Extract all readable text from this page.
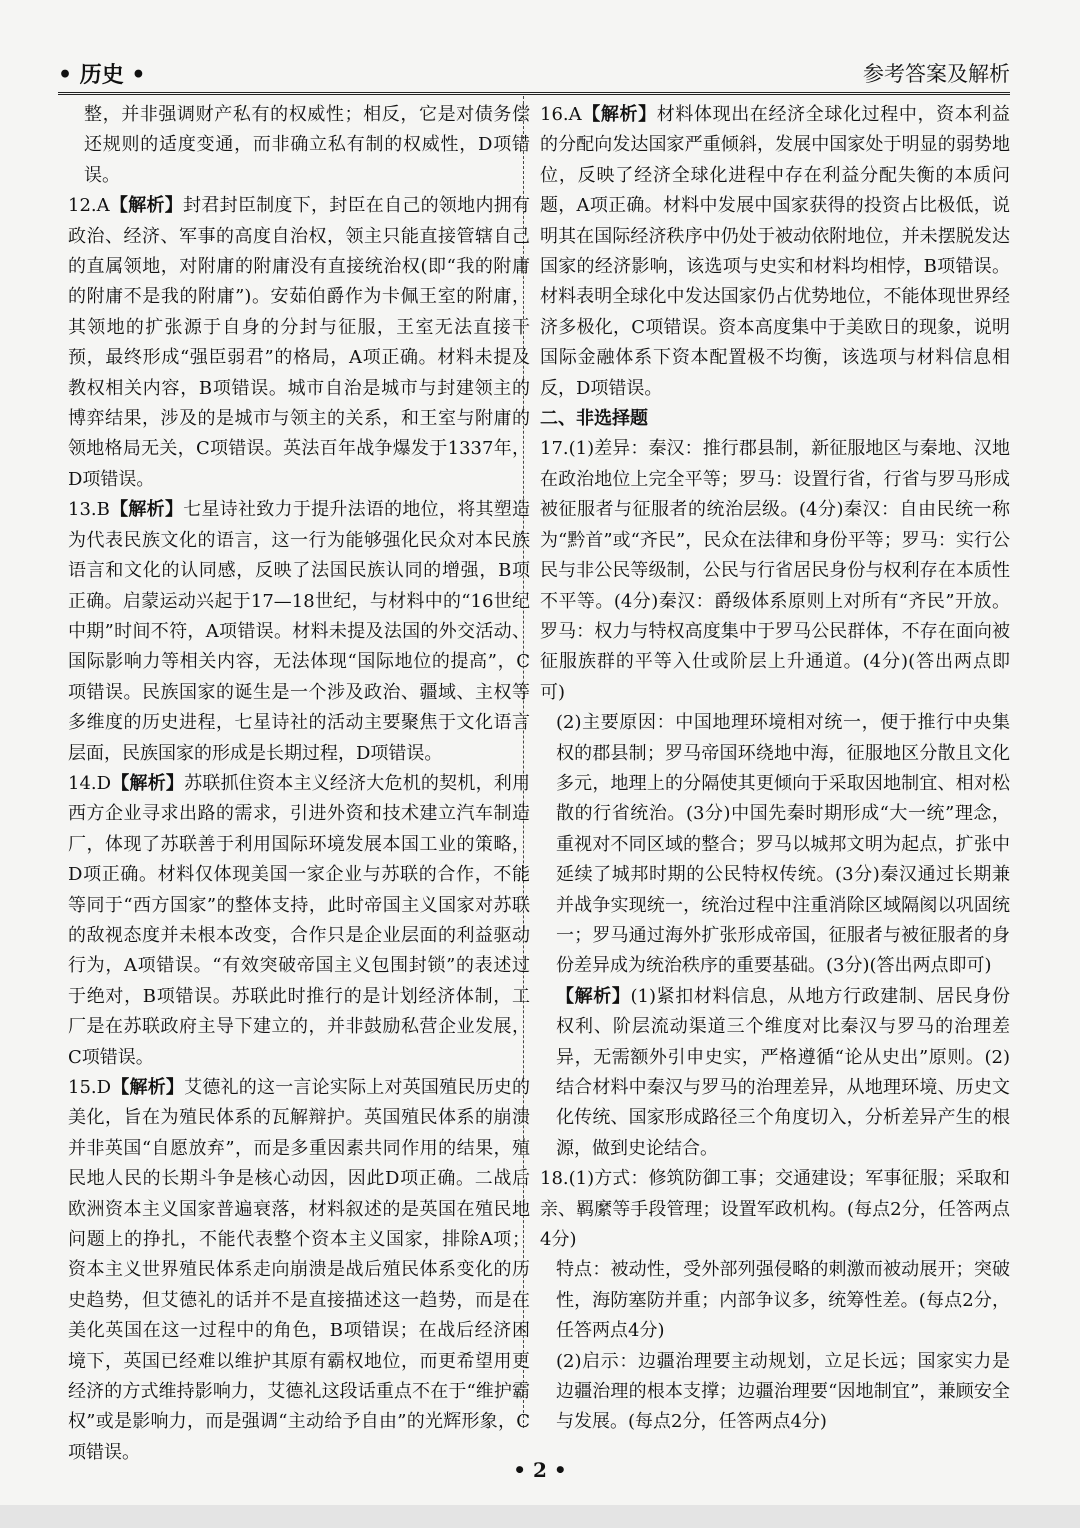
• 历史 •	参考答案及解析

整，并非强调财产私有的权威性；相反，它是对债务偿还规则的适度变通，而非确立私有制的权威性，D项错误。

12.A【解析】封君封臣制度下，封臣在自己的领地内拥有政治、经济、军事的高度自治权，领主只能直接管辖自己的直属领地，对附庸的附庸没有直接统治权(即“我的附庸的附庸不是我的附庸”)。安茹伯爵作为卡佩王室的附庸，其领地的扩张源于自身的分封与征服，王室无法直接干预，最终形成“强臣弱君”的格局，A项正确。材料未提及教权相关内容，B项错误。城市自治是城市与封建领主的博弈结果，涉及的是城市与领主的关系，和王室与附庸的领地格局无关，C项错误。英法百年战争爆发于1337年，D项错误。

13.B【解析】七星诗社致力于提升法语的地位，将其塑造为代表民族文化的语言，这一行为能够强化民众对本民族语言和文化的认同感，反映了法国民族认同的增强，B项正确。启蒙运动兴起于17—18世纪，与材料中的“16世纪中期”时间不符，A项错误。材料未提及法国的外交活动、国际影响力等相关内容，无法体现“国际地位的提高”，C项错误。民族国家的诞生是一个涉及政治、疆域、主权等多维度的历史进程，七星诗社的活动主要聚焦于文化语言层面，民族国家的形成是长期过程，D项错误。

14.D【解析】苏联抓住资本主义经济大危机的契机，利用西方企业寻求出路的需求，引进外资和技术建立汽车制造厂，体现了苏联善于利用国际环境发展本国工业的策略，D项正确。材料仅体现美国一家企业与苏联的合作，不能等同于“西方国家”的整体支持，此时帝国主义国家对苏联的敌视态度并未根本改变，合作只是企业层面的利益驱动行为，A项错误。“有效突破帝国主义包围封锁”的表述过于绝对，B项错误。苏联此时推行的是计划经济体制，工厂是在苏联政府主导下建立的，并非鼓励私营企业发展，C项错误。

15.D【解析】艾德礼的这一言论实际上对英国殖民历史的美化，旨在为殖民体系的瓦解辩护。英国殖民体系的崩溃并非英国“自愿放弃”，而是多重因素共同作用的结果，殖民地人民的长期斗争是核心动因，因此D项正确。二战后欧洲资本主义国家普遍衰落，材料叙述的是英国在殖民地问题上的挣扎，不能代表整个资本主义国家，排除A项；资本主义世界殖民体系走向崩溃是战后殖民体系变化的历史趋势，但艾德礼的话并不是直接描述这一趋势，而是在美化英国在这一过程中的角色，B项错误；在战后经济困境下，英国已经难以维护其原有霸权地位，而更希望用更经济的方式维持影响力，艾德礼这段话重点不在于“维护霸权”或是影响力，而是强调“主动给予自由”的光辉形象，C项错误。

16.A【解析】材料体现出在经济全球化过程中，资本利益的分配向发达国家严重倾斜，发展中国家处于明显的弱势地位，反映了经济全球化进程中存在利益分配失衡的本质问题，A项正确。材料中发展中国家获得的投资占比极低，说明其在国际经济秩序中仍处于被动依附地位，并未摆脱发达国家的经济影响，该选项与史实和材料均相悖，B项错误。材料表明全球化中发达国家仍占优势地位，不能体现世界经济多极化，C项错误。资本高度集中于美欧日的现象，说明国际金融体系下资本配置极不均衡，该选项与材料信息相反，D项错误。

二、非选择题

17.(1)差异：秦汉：推行郡县制，新征服地区与秦地、汉地在政治地位上完全平等；罗马：设置行省，行省与罗马形成被征服者与征服者的统治层级。(4分)秦汉：自由民统一称为“黔首”或“齐民”，民众在法律和身份平等；罗马：实行公民与非公民等级制，公民与行省居民身份与权利存在本质性不平等。(4分)秦汉：爵级体系原则上对所有“齐民”开放。罗马：权力与特权高度集中于罗马公民群体，不存在面向被征服族群的平等入仕或阶层上升通道。(4分)(答出两点即可)

(2)主要原因：中国地理环境相对统一，便于推行中央集权的郡县制；罗马帝国环绕地中海，征服地区分散且文化多元，地理上的分隔使其更倾向于采取因地制宜、相对松散的行省统治。(3分)中国先秦时期形成“大一统”理念，重视对不同区域的整合；罗马以城邦文明为起点，扩张中延续了城邦时期的公民特权传统。(3分)秦汉通过长期兼并战争实现统一，统治过程中注重消除区域隔阂以巩固统一；罗马通过海外扩张形成帝国，征服者与被征服者的身份差异成为统治秩序的重要基础。(3分)(答出两点即可)

【解析】(1)紧扣材料信息，从地方行政建制、居民身份权利、阶层流动渠道三个维度对比秦汉与罗马的治理差异，无需额外引申史实，严格遵循“论从史出”原则。(2)结合材料中秦汉与罗马的治理差异，从地理环境、历史文化传统、国家形成路径三个角度切入，分析差异产生的根源，做到史论结合。

18.(1)方式：修筑防御工事；交通建设；军事征服；采取和亲、羁縻等手段管理；设置军政机构。(每点2分，任答两点4分)

特点：被动性，受外部列强侵略的刺激而被动展开；突破性，海防塞防并重；内部争议多，统筹性差。(每点2分，任答两点4分)

(2)启示：边疆治理要主动规划，立足长远；国家实力是边疆治理的根本支撑；边疆治理要“因地制宜”，兼顾安全与发展。(每点2分，任答两点4分)

• 2 •
